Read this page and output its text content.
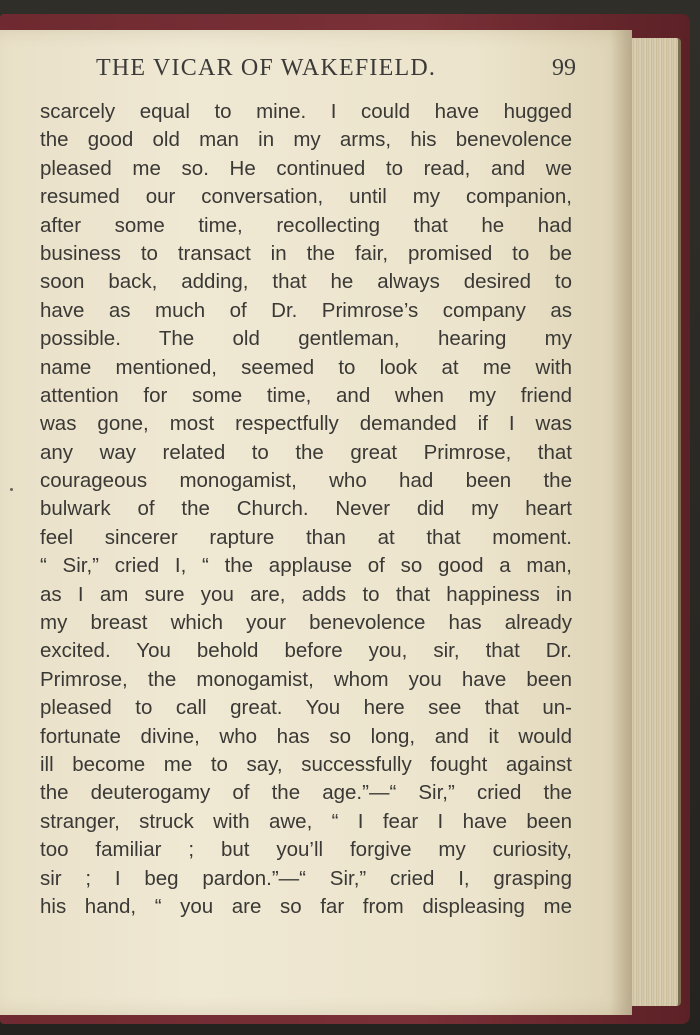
THE VICAR OF WAKEFIELD.	99
scarcely equal to mine. I could have hugged
the good old man in my arms, his benevolence
pleased me so. He continued to read, and we
resumed our conversation, until my companion,
after some time, recollecting that he had
business to transact in the fair, promised to be
soon back, adding, that he always desired to
have as much of Dr. Primrose’s company as
possible. The old gentleman, hearing my
name mentioned, seemed to look at me with
attention for some time, and when my friend
was gone, most respectfully demanded if I was
any way related to the great Primrose, that
courageous monogamist, who had been the
bulwark of the Church. Never did my heart
feel sincerer rapture than at that moment.
“ Sir,” cried I, “ the applause of so good a man,
as I am sure you are, adds to that happiness in
my breast which your benevolence has already
excited. You behold before you, sir, that Dr.
Primrose, the monogamist, whom you have been
pleased to call great. You here see that un-
fortunate divine, who has so long, and it would
ill become me to say, successfully fought against
the deuterogamy of the age.”—“ Sir,” cried the
stranger, struck with awe, “ I fear I have been
too familiar ; but you’ll forgive my curiosity,
sir ; I beg pardon.”—“ Sir,” cried I, grasping
his hand, “ you are so far from displeasing me
